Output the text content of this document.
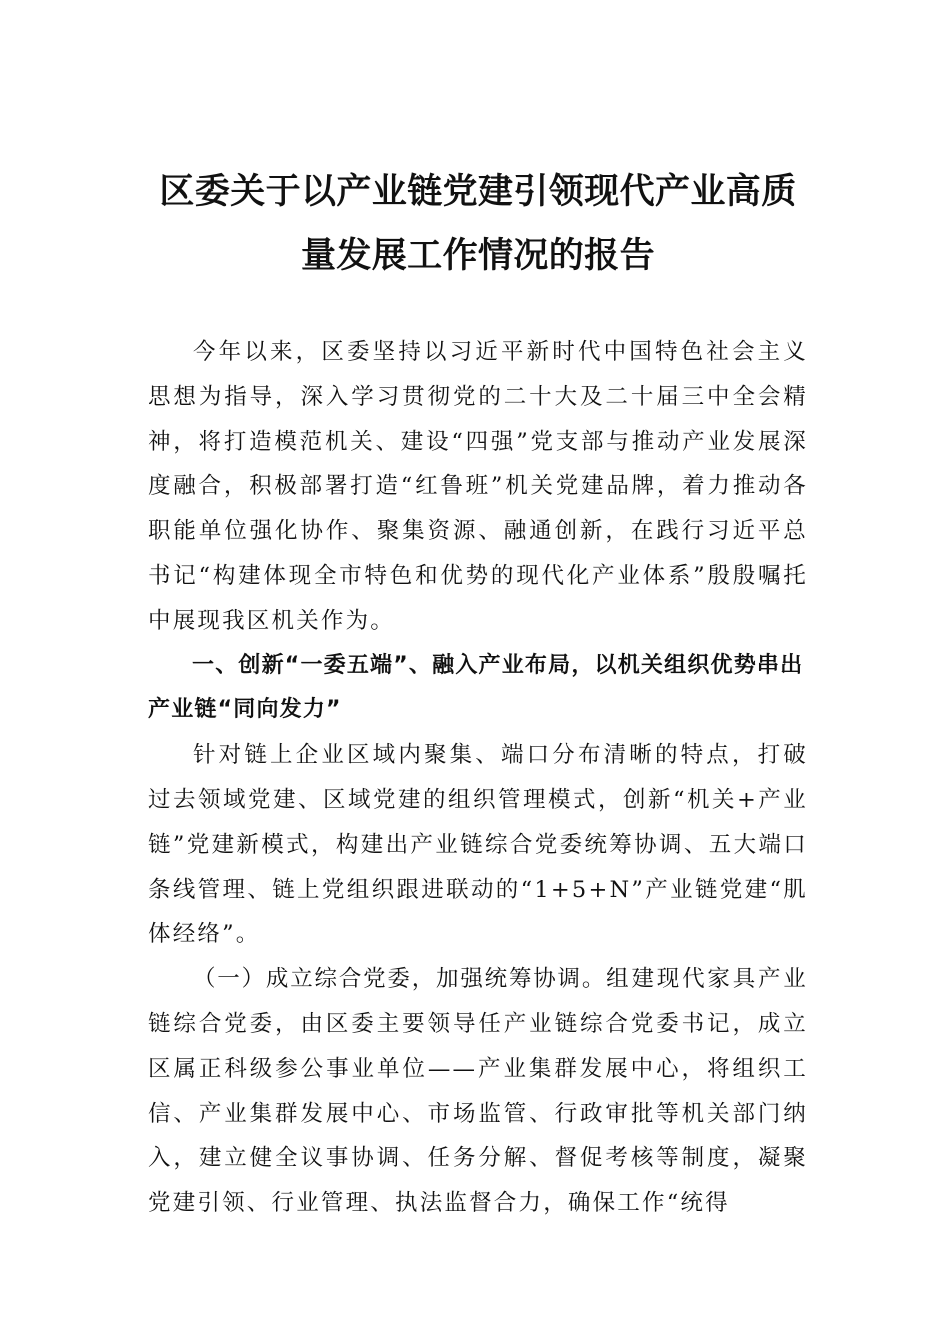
区委关于以产业链党建引领现代产业高质
量发展工作情况的报告

今年以来，区委坚持以习近平新时代中国特色社会主义思想为指导，深入学习贯彻党的二十大及二十届三中全会精神，将打造模范机关、建设“四强”党支部与推动产业发展深度融合，积极部署打造“红鲁班”机关党建品牌，着力推动各职能单位强化协作、聚集资源、融通创新，在践行习近平总书记“构建体现全市特色和优势的现代化产业体系”殷殷嘱托中展现我区机关作为。

一、创新“一委五端”、融入产业布局，以机关组织优势串出产业链“同向发力”

针对链上企业区域内聚集、端口分布清晰的特点，打破过去领域党建、区域党建的组织管理模式，创新“机关+产业链”党建新模式，构建出产业链综合党委统筹协调、五大端口条线管理、链上党组织跟进联动的“1+5+N”产业链党建“肌体经络”。

（一）成立综合党委，加强统筹协调。组建现代家具产业链综合党委，由区委主要领导任产业链综合党委书记，成立区属正科级参公事业单位——产业集群发展中心，将组织工信、产业集群发展中心、市场监管、行政审批等机关部门纳入，建立健全议事协调、任务分解、督促考核等制度，凝聚党建引领、行业管理、执法监督合力，确保工作“统得
